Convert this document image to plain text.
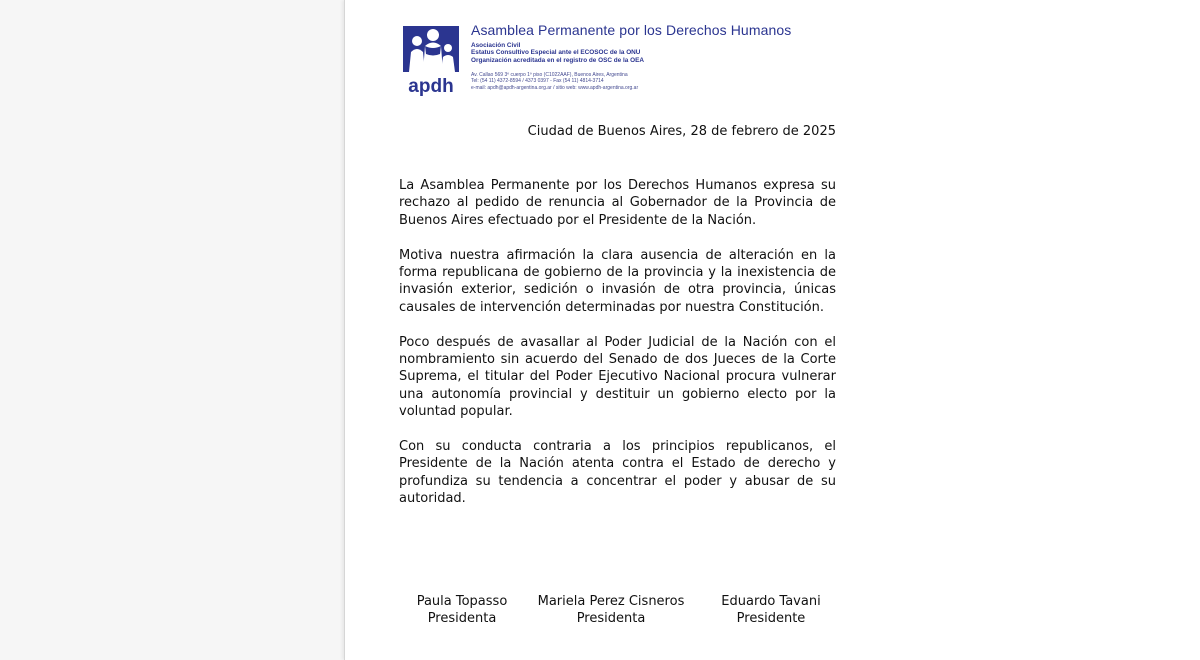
apdh
Asamblea Permanente por los Derechos Humanos
Asociación Civil
Estatus Consultivo Especial ante el ECOSOC de la ONU
Organización acreditada en el registro de OSC de la OEA
Av. Callao 569 3º cuerpo 1º piso (C1022AAF), Buenos Aires, Argentina
Tel: (54 11) 4372-8594 / 4373 0397 - Fax (54 11) 4814-3714
e-mail: apdh@apdh-argentina.org.ar / sitio web: www.apdh-argentina.org.ar
Ciudad de Buenos Aires, 28 de febrero de 2025

La Asamblea Permanente por los Derechos Humanos expresa su rechazo al pedido de renuncia al Gobernador de la Provincia de Buenos Aires efectuado por el Presidente de la Nación.

Motiva nuestra afirmación la clara ausencia de alteración en la forma republicana de gobierno de la provincia y la inexistencia de invasión exterior, sedición o invasión de otra provincia, únicas causales de intervención determinadas por nuestra Constitución.

Poco después de avasallar al Poder Judicial de la Nación con el nombramiento sin acuerdo del Senado de dos Jueces de la Corte Suprema, el titular del Poder Ejecutivo Nacional procura vulnerar una autonomía provincial y destituir un gobierno electo por la voluntad popular.

Con su conducta contraria a los principios republicanos, el Presidente de la Nación atenta contra el Estado de derecho y profundiza su tendencia a concentrar el poder y abusar de su autoridad.

Paula Topasso
Presidenta
Mariela Perez Cisneros
Presidenta
Eduardo Tavani
Presidente
